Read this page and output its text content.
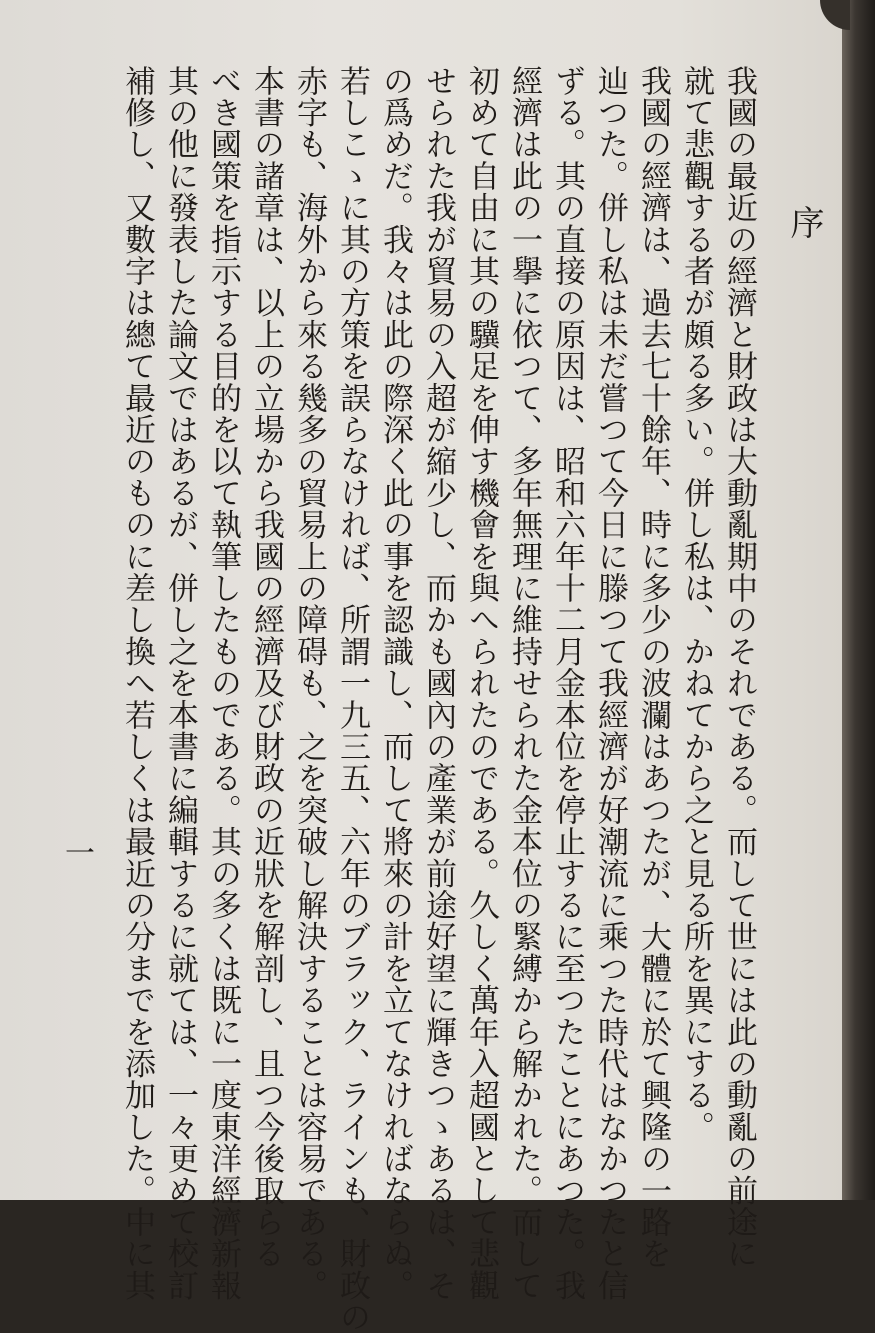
序
我國の最近の經濟と財政は大動亂期中のそれである。而して世には此の動亂の前途に
就て悲觀する者が頗る多い。併し私は、かねてから之と見る所を異にする。
我國の經濟は、過去七十餘年、時に多少の波瀾はあつたが、大體に於て興隆の一路を
辿つた。併し私は未だ嘗つて今日に滕つて我經濟が好潮流に乘つた時代はなかつたと信
ずる。其の直接の原因は、昭和六年十二月金本位を停止するに至つたことにあつた。我
經濟は此の一擧に依つて、多年無理に維持せられた金本位の緊縛から解かれた。而して
初めて自由に其の驥足を伸す機會を與へられたのである。久しく萬年入超國として悲觀
せられた我が貿易の入超が縮少し、而かも國內の產業が前途好望に輝きつゝあるは、そ
の爲めだ。我々は此の際深く此の事を認識し、而して將來の計を立てなければならぬ。
若しこゝに其の方策を誤らなければ、所謂一九三五、六年のブラック、ラインも、財政の
赤字も、海外から來る幾多の貿易上の障碍も、之を突破し解決することは容易である。
本書の諸章は、以上の立場から我國の經濟及び財政の近狀を解剖し、且つ今後取らる
べき國策を指示する目的を以て執筆したものである。其の多くは既に一度東洋經濟新報
其の他に發表した論文ではあるが、併し之を本書に編輯するに就ては、一々更めて校訂
補修し、又數字は總て最近のものに差し換へ若しくは最近の分までを添加した。中に其
一
